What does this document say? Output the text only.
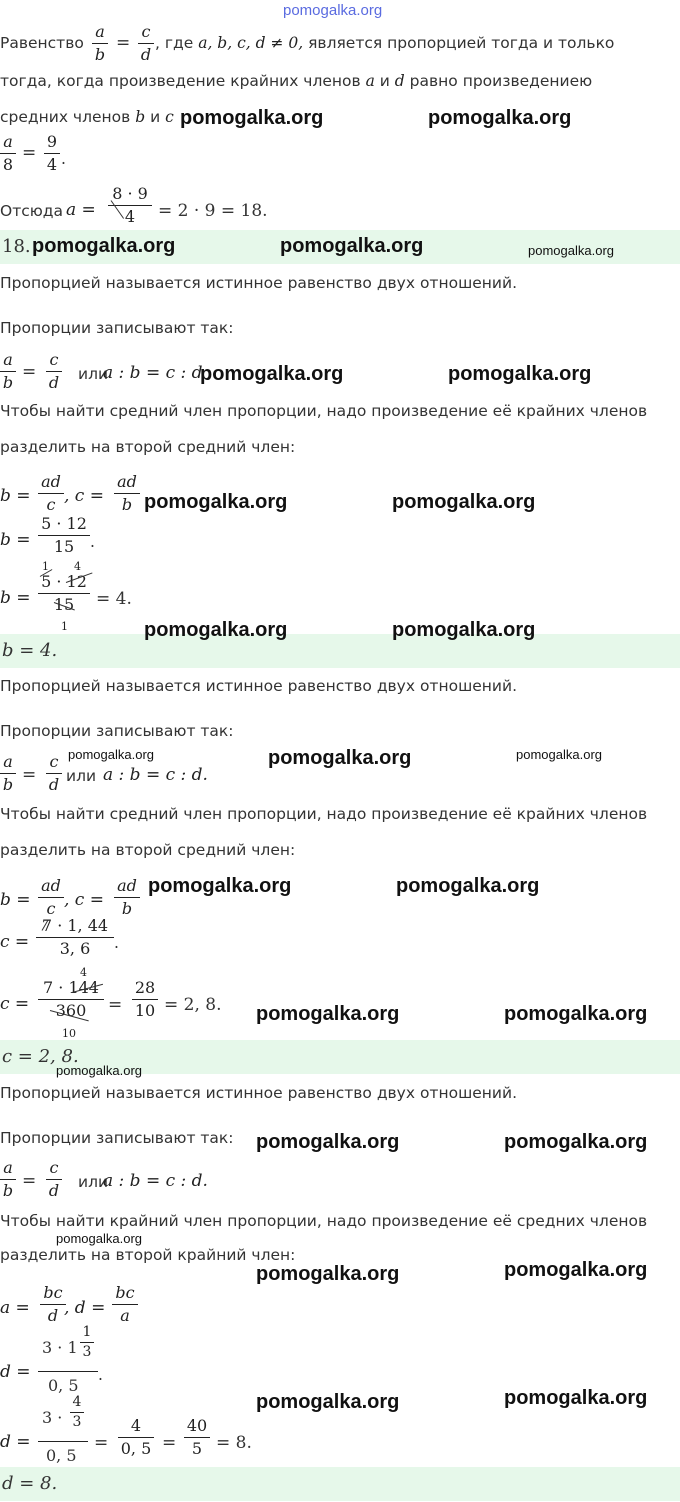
pomogalka.org
Равенство
a
b
=
c
d
, где a, b, c, d ≠ 0, является пропорцией тогда и только
тогда, когда произведение крайних членов a и d равно произведениею
средних членов b и c
a
8
=
9
4 .
Отсюда a =
8 · 9
4	= 2 · 9 = 18.
18.
Пропорцией называется истинное равенство двух отношений.
Пропорции записывают так:
a
b
=
c
d или
a : b = c : d
Чтобы найти средний член пропорции, надо произведение её крайних членов
разделить на второй средний член:
b =
ad
c , c =
ad
b
b =
5 · 12
15	.
1 4
b =
5 · 12
15
1
= 4.
b = 4.
Пропорцией называется истинное равенство двух отношений.
Пропорции записывают так:
a
b =
c
d или a : b = c : d.
Чтобы найти средний член пропорции, надо произведение её крайних членов
разделить на второй средний член:
b =
ad
c , c =
ad
b
c =
7 · 1, 44
3, 6	.
4
c =
7 · 144
360
10
=
28
10 = 2, 8.
c = 2, 8.
Пропорцией называется истинное равенство двух отношений.
Пропорции записывают так:
a
b =
c
d или
a : b = c : d.
Чтобы найти крайний член пропорции, надо произведение её средних членов
разделить на второй крайний член:
a =
bc
d , d =
bc
a
d =
3 · 1
1
3
0, 5
.
d =
3 ·
4
3
0, 5
=
4
0, 5 =
40
5 = 8.
d = 8.
pomogalka.org	pomogalka.org
pomogalka.org	pomogalka.org	pomogalka.org
pomogalka.org	pomogalka.org
pomogalka.org	pomogalka.org
pomogalka.org	pomogalka.org
pomogalka.org	pomogalka.org	pomogalka.org
pomogalka.org	pomogalka.org
pomogalka.org	pomogalka.org
pomogalka.org
pomogalka.org	pomogalka.org
pomogalka.org
pomogalka.org	pomogalka.org
pomogalka.org	pomogalka.org
